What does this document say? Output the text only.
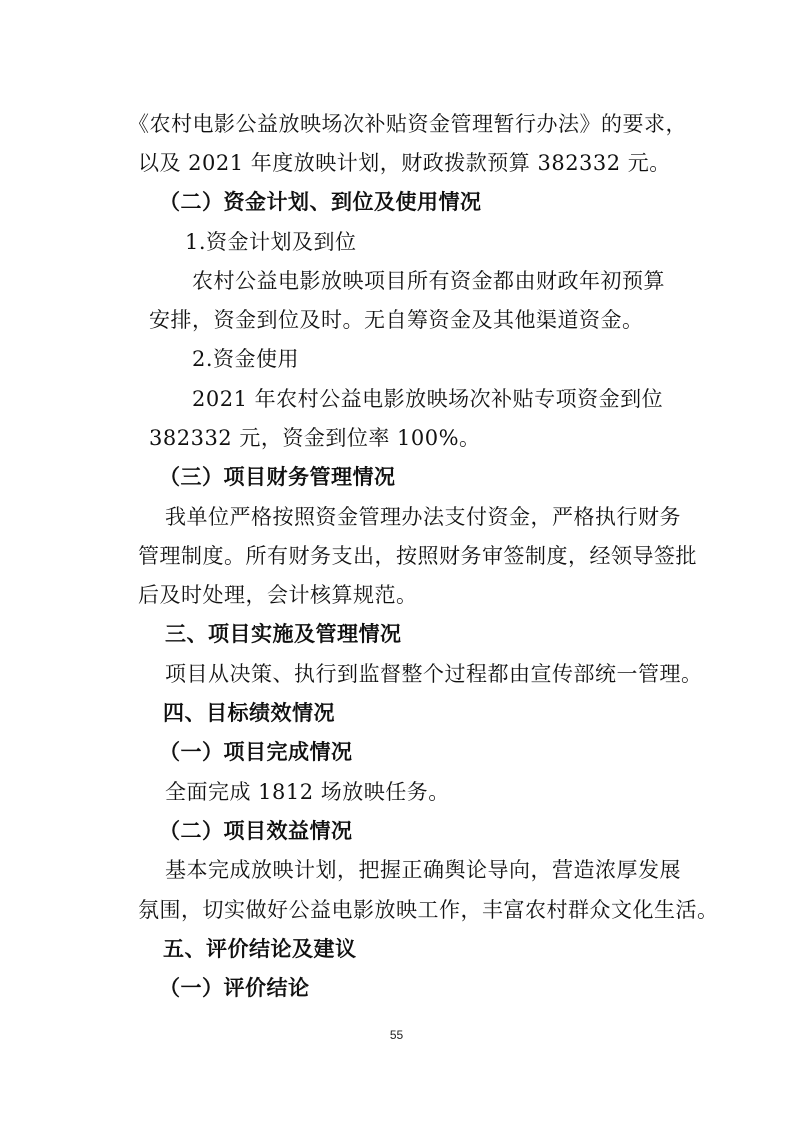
《农村电影公益放映场次补贴资金管理暂行办法》的要求，
以及 2021 年度放映计划，财政拨款预算 382332 元。
（二）资金计划、到位及使用情况
1.资金计划及到位
农村公益电影放映项目所有资金都由财政年初预算
安排，资金到位及时。无自筹资金及其他渠道资金。
2.资金使用
2021 年农村公益电影放映场次补贴专项资金到位
382332 元，资金到位率 100%。
（三）项目财务管理情况
我单位严格按照资金管理办法支付资金，严格执行财务
管理制度。所有财务支出，按照财务审签制度，经领导签批
后及时处理，会计核算规范。
三、项目实施及管理情况
项目从决策、执行到监督整个过程都由宣传部统一管理。
四、目标绩效情况
（一）项目完成情况
全面完成 1812 场放映任务。
（二）项目效益情况
基本完成放映计划，把握正确舆论导向，营造浓厚发展
氛围，切实做好公益电影放映工作，丰富农村群众文化生活。
五、评价结论及建议
（一）评价结论
55
